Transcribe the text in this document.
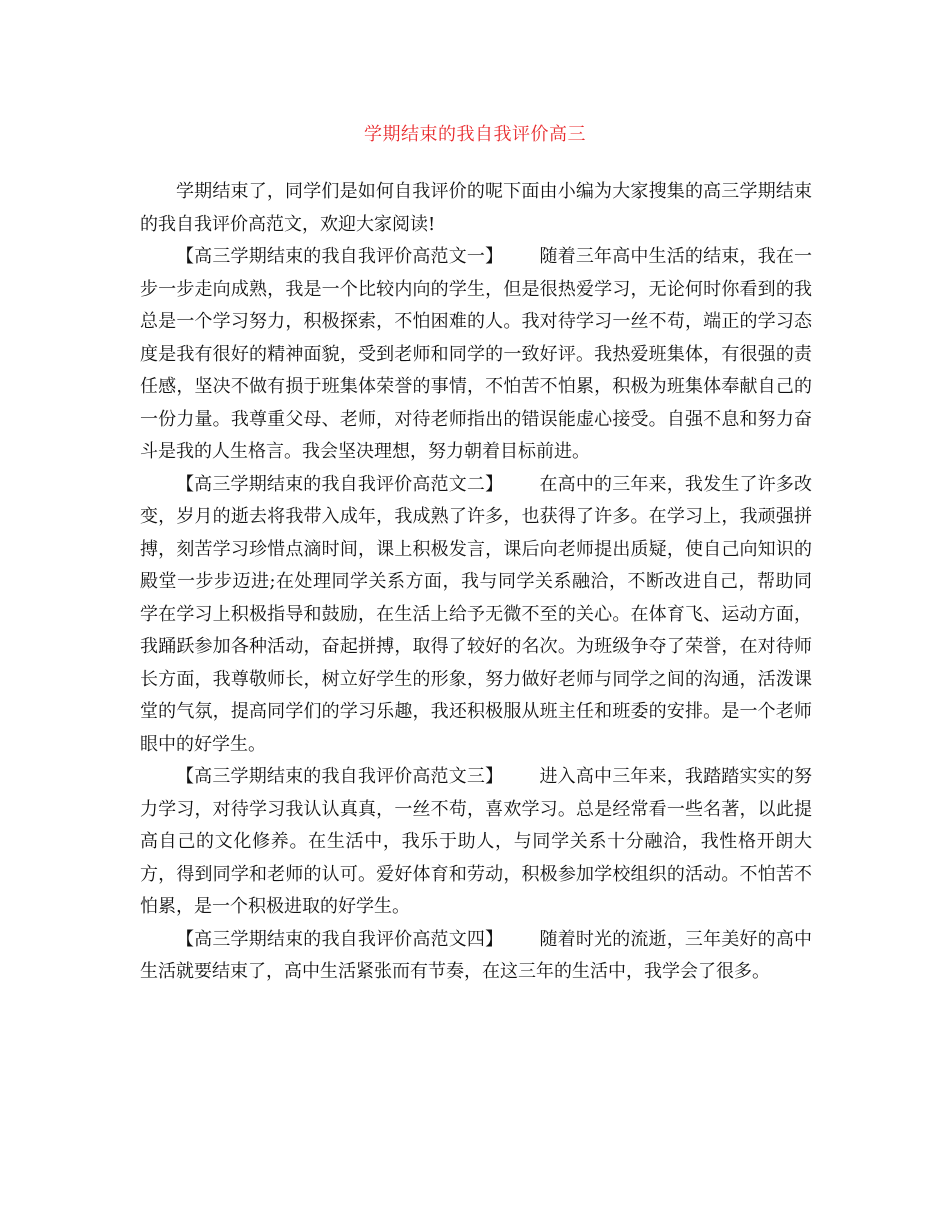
学期结束的我自我评价高三

学期结束了，同学们是如何自我评价的呢下面由小编为大家搜集的高三学期结束的我自我评价高范文，欢迎大家阅读!

【高三学期结束的我自我评价高范文一】 随着三年高中生活的结束，我在一步一步走向成熟，我是一个比较内向的学生，但是很热爱学习，无论何时你看到的我总是一个学习努力，积极探索，不怕困难的人。我对待学习一丝不苟，端正的学习态度是我有很好的精神面貌，受到老师和同学的一致好评。我热爱班集体，有很强的责任感，坚决不做有损于班集体荣誉的事情，不怕苦不怕累，积极为班集体奉献自己的一份力量。我尊重父母、老师，对待老师指出的错误能虚心接受。自强不息和努力奋斗是我的人生格言。我会坚决理想，努力朝着目标前进。

【高三学期结束的我自我评价高范文二】 在高中的三年来，我发生了许多改变，岁月的逝去将我带入成年，我成熟了许多，也获得了许多。在学习上，我顽强拼搏，刻苦学习珍惜点滴时间，课上积极发言，课后向老师提出质疑，使自己向知识的殿堂一步步迈进;在处理同学关系方面，我与同学关系融洽，不断改进自己，帮助同学在学习上积极指导和鼓励，在生活上给予无微不至的关心。在体育飞、运动方面，我踊跃参加各种活动，奋起拼搏，取得了较好的名次。为班级争夺了荣誉，在对待师长方面，我尊敬师长，树立好学生的形象，努力做好老师与同学之间的沟通，活泼课堂的气氛，提高同学们的学习乐趣，我还积极服从班主任和班委的安排。是一个老师眼中的好学生。

【高三学期结束的我自我评价高范文三】 进入高中三年来，我踏踏实实的努力学习，对待学习我认认真真，一丝不苟，喜欢学习。总是经常看一些名著，以此提高自己的文化修养。在生活中，我乐于助人，与同学关系十分融洽，我性格开朗大方，得到同学和老师的认可。爱好体育和劳动，积极参加学校组织的活动。不怕苦不怕累，是一个积极进取的好学生。

【高三学期结束的我自我评价高范文四】 随着时光的流逝，三年美好的高中生活就要结束了，高中生活紧张而有节奏，在这三年的生活中，我学会了很多。
